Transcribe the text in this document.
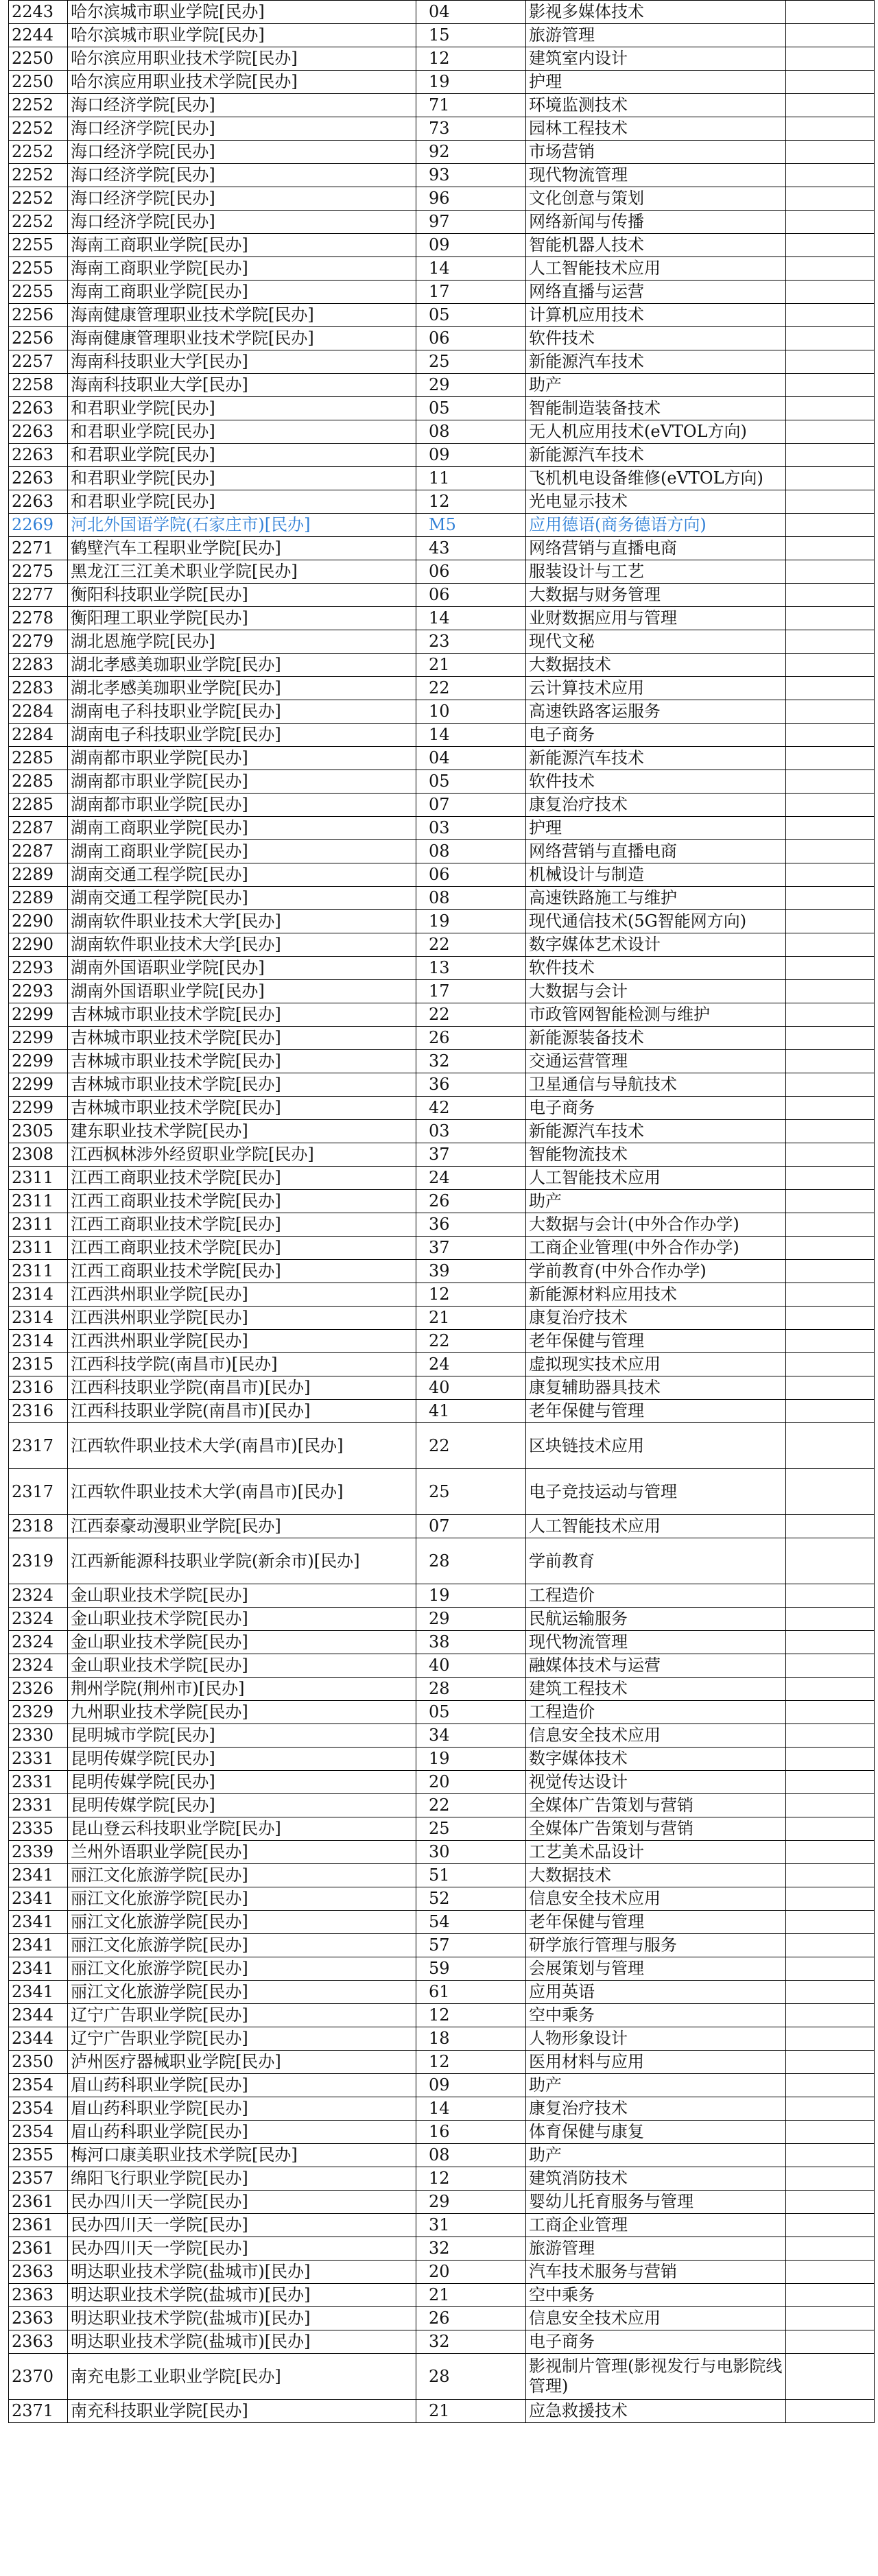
2243	哈尔滨城市职业学院[民办]	04	影视多媒体技术	
2244	哈尔滨城市职业学院[民办]	15	旅游管理	
2250	哈尔滨应用职业技术学院[民办]	12	建筑室内设计	
2250	哈尔滨应用职业技术学院[民办]	19	护理	
2252	海口经济学院[民办]	71	环境监测技术	
2252	海口经济学院[民办]	73	园林工程技术	
2252	海口经济学院[民办]	92	市场营销	
2252	海口经济学院[民办]	93	现代物流管理	
2252	海口经济学院[民办]	96	文化创意与策划	
2252	海口经济学院[民办]	97	网络新闻与传播	
2255	海南工商职业学院[民办]	09	智能机器人技术	
2255	海南工商职业学院[民办]	14	人工智能技术应用	
2255	海南工商职业学院[民办]	17	网络直播与运营	
2256	海南健康管理职业技术学院[民办]	05	计算机应用技术	
2256	海南健康管理职业技术学院[民办]	06	软件技术	
2257	海南科技职业大学[民办]	25	新能源汽车技术	
2258	海南科技职业大学[民办]	29	助产	
2263	和君职业学院[民办]	05	智能制造装备技术	
2263	和君职业学院[民办]	08	无人机应用技术(eVTOL方向)	
2263	和君职业学院[民办]	09	新能源汽车技术	
2263	和君职业学院[民办]	11	飞机机电设备维修(eVTOL方向)	
2263	和君职业学院[民办]	12	光电显示技术	
2269	河北外国语学院(石家庄市)[民办]	M5	应用德语(商务德语方向)	
2271	鹤壁汽车工程职业学院[民办]	43	网络营销与直播电商	
2275	黑龙江三江美术职业学院[民办]	06	服装设计与工艺	
2277	衡阳科技职业学院[民办]	06	大数据与财务管理	
2278	衡阳理工职业学院[民办]	14	业财数据应用与管理	
2279	湖北恩施学院[民办]	23	现代文秘	
2283	湖北孝感美珈职业学院[民办]	21	大数据技术	
2283	湖北孝感美珈职业学院[民办]	22	云计算技术应用	
2284	湖南电子科技职业学院[民办]	10	高速铁路客运服务	
2284	湖南电子科技职业学院[民办]	14	电子商务	
2285	湖南都市职业学院[民办]	04	新能源汽车技术	
2285	湖南都市职业学院[民办]	05	软件技术	
2285	湖南都市职业学院[民办]	07	康复治疗技术	
2287	湖南工商职业学院[民办]	03	护理	
2287	湖南工商职业学院[民办]	08	网络营销与直播电商	
2289	湖南交通工程学院[民办]	06	机械设计与制造	
2289	湖南交通工程学院[民办]	08	高速铁路施工与维护	
2290	湖南软件职业技术大学[民办]	19	现代通信技术(5G智能网方向)	
2290	湖南软件职业技术大学[民办]	22	数字媒体艺术设计	
2293	湖南外国语职业学院[民办]	13	软件技术	
2293	湖南外国语职业学院[民办]	17	大数据与会计	
2299	吉林城市职业技术学院[民办]	22	市政管网智能检测与维护	
2299	吉林城市职业技术学院[民办]	26	新能源装备技术	
2299	吉林城市职业技术学院[民办]	32	交通运营管理	
2299	吉林城市职业技术学院[民办]	36	卫星通信与导航技术	
2299	吉林城市职业技术学院[民办]	42	电子商务	
2305	建东职业技术学院[民办]	03	新能源汽车技术	
2308	江西枫林涉外经贸职业学院[民办]	37	智能物流技术	
2311	江西工商职业技术学院[民办]	24	人工智能技术应用	
2311	江西工商职业技术学院[民办]	26	助产	
2311	江西工商职业技术学院[民办]	36	大数据与会计(中外合作办学)	
2311	江西工商职业技术学院[民办]	37	工商企业管理(中外合作办学)	
2311	江西工商职业技术学院[民办]	39	学前教育(中外合作办学)	
2314	江西洪州职业学院[民办]	12	新能源材料应用技术	
2314	江西洪州职业学院[民办]	21	康复治疗技术	
2314	江西洪州职业学院[民办]	22	老年保健与管理	
2315	江西科技学院(南昌市)[民办]	24	虚拟现实技术应用	
2316	江西科技职业学院(南昌市)[民办]	40	康复辅助器具技术	
2316	江西科技职业学院(南昌市)[民办]	41	老年保健与管理	
2317	江西软件职业技术大学(南昌市)[民办]	22	区块链技术应用	
2317	江西软件职业技术大学(南昌市)[民办]	25	电子竞技运动与管理	
2318	江西泰豪动漫职业学院[民办]	07	人工智能技术应用	
2319	江西新能源科技职业学院(新余市)[民办]	28	学前教育	
2324	金山职业技术学院[民办]	19	工程造价	
2324	金山职业技术学院[民办]	29	民航运输服务	
2324	金山职业技术学院[民办]	38	现代物流管理	
2324	金山职业技术学院[民办]	40	融媒体技术与运营	
2326	荆州学院(荆州市)[民办]	28	建筑工程技术	
2329	九州职业技术学院[民办]	05	工程造价	
2330	昆明城市学院[民办]	34	信息安全技术应用	
2331	昆明传媒学院[民办]	19	数字媒体技术	
2331	昆明传媒学院[民办]	20	视觉传达设计	
2331	昆明传媒学院[民办]	22	全媒体广告策划与营销	
2335	昆山登云科技职业学院[民办]	25	全媒体广告策划与营销	
2339	兰州外语职业学院[民办]	30	工艺美术品设计	
2341	丽江文化旅游学院[民办]	51	大数据技术	
2341	丽江文化旅游学院[民办]	52	信息安全技术应用	
2341	丽江文化旅游学院[民办]	54	老年保健与管理	
2341	丽江文化旅游学院[民办]	57	研学旅行管理与服务	
2341	丽江文化旅游学院[民办]	59	会展策划与管理	
2341	丽江文化旅游学院[民办]	61	应用英语	
2344	辽宁广告职业学院[民办]	12	空中乘务	
2344	辽宁广告职业学院[民办]	18	人物形象设计	
2350	泸州医疗器械职业学院[民办]	12	医用材料与应用	
2354	眉山药科职业学院[民办]	09	助产	
2354	眉山药科职业学院[民办]	14	康复治疗技术	
2354	眉山药科职业学院[民办]	16	体育保健与康复	
2355	梅河口康美职业技术学院[民办]	08	助产	
2357	绵阳飞行职业学院[民办]	12	建筑消防技术	
2361	民办四川天一学院[民办]	29	婴幼儿托育服务与管理	
2361	民办四川天一学院[民办]	31	工商企业管理	
2361	民办四川天一学院[民办]	32	旅游管理	
2363	明达职业技术学院(盐城市)[民办]	20	汽车技术服务与营销	
2363	明达职业技术学院(盐城市)[民办]	21	空中乘务	
2363	明达职业技术学院(盐城市)[民办]	26	信息安全技术应用	
2363	明达职业技术学院(盐城市)[民办]	32	电子商务	
2370	南充电影工业职业学院[民办]	28	影视制片管理(影视发行与电影院线管理)	
2371	南充科技职业学院[民办]	21	应急救援技术	
